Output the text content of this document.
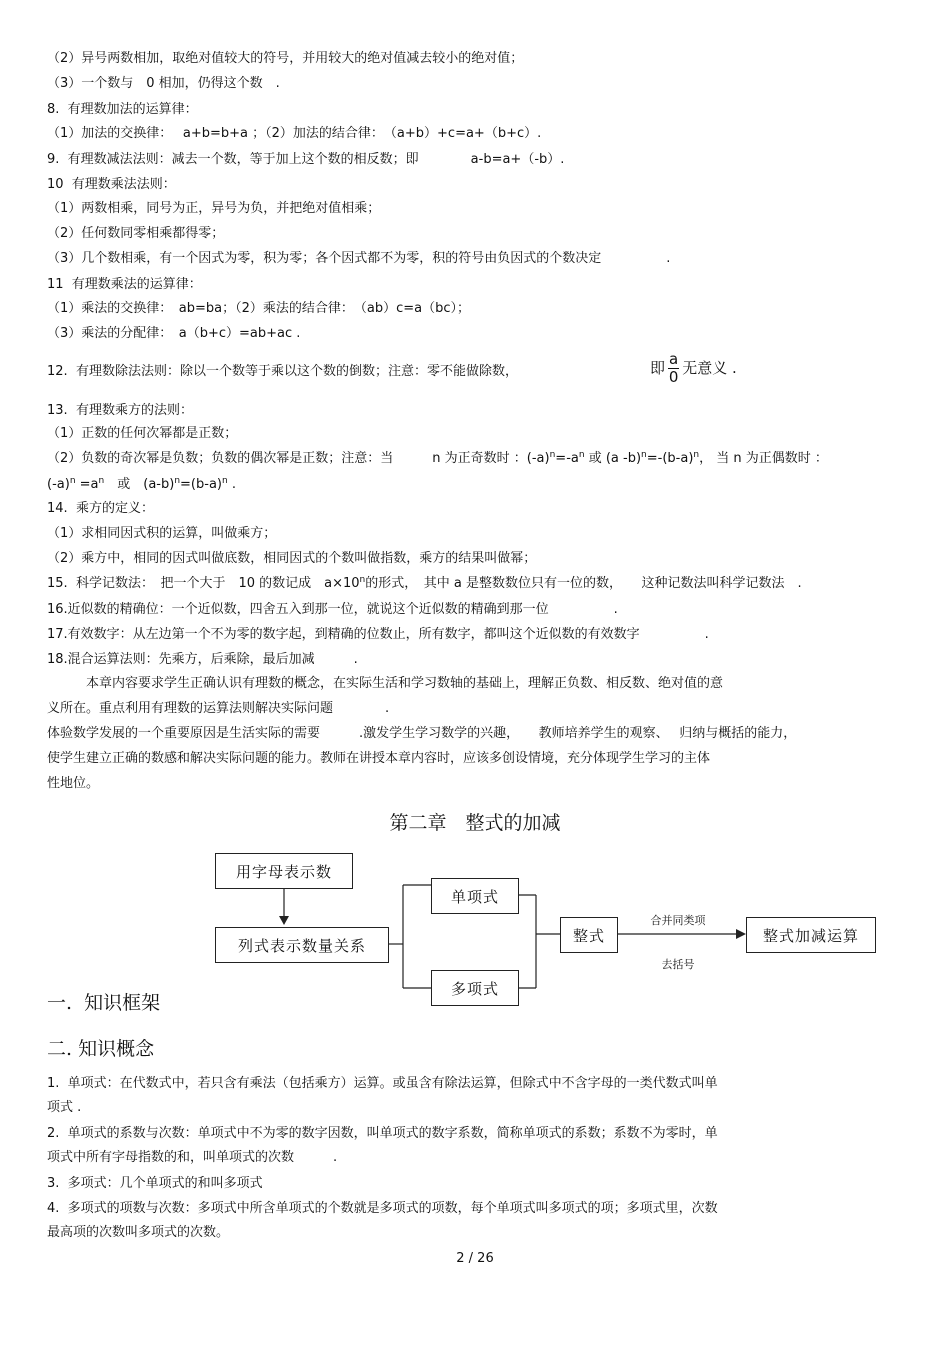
（2）异号两数相加，取绝对值较大的符号，并用较大的绝对值减去较小的绝对值；
（3）一个数与　0 相加，仍得这个数　.
8.  有理数加法的运算律：
（1）加法的交换律：　 a+b=b+a ；（2）加法的结合律：　（a+b）+c=a+（b+c）.
9.  有理数减法法则：减去一个数，等于加上这个数的相反数；即　　　　a-b=a+（-b）.
10  有理数乘法法则：
（1）两数相乘，同号为正，异号为负，并把绝对值相乘；
（2）任何数同零相乘都得零；
（3）几个数相乘，有一个因式为零，积为零；各个因式都不为零，积的符号由负因式的个数决定　　　　　.
11  有理数乘法的运算律：
（1）乘法的交换律：　ab=ba；（2）乘法的结合律：　（ab）c=a（bc）；
（3）乘法的分配律：　a（b+c）=ab+ac .
12.  有理数除法法则：除以一个数等于乘以这个数的倒数；注意：零不能做除数，	即 $\frac{a}{0}$ 无意义 .
13.  有理数乘方的法则：
（1）正数的任何次幂都是正数；
（2）负数的奇次幂是负数；负数的偶次幂是正数；注意：当　　　n 为正奇数时 ：$(-a)^n=-a^n$ 或 (a $-b)^n=-(b-a)^n$， 当 n 为正偶数时 ：
$(-a)^n =a^n$　或　$(a-b)^n=(b-a)^n$ .
14.  乘方的定义：
（1）求相同因式积的运算，叫做乘方；
（2）乘方中，相同的因式叫做底数，相同因式的个数叫做指数，乘方的结果叫做幂；
15.  科学记数法：　把一个大于　10 的数记成　$a\times 10^n$的形式，　其中 a 是整数数位只有一位的数，　　这种记数法叫科学记数法　.
16.近似数的精确位：一个近似数，四舍五入到那一位，就说这个近似数的精确到那一位　　　　　.
17.有效数字：从左边第一个不为零的数字起，到精确的位数止，所有数字，都叫这个近似数的有效数字　　　　　.
18.混合运算法则：先乘方，后乘除，最后加减　　　.
　　　本章内容要求学生正确认识有理数的概念，在实际生活和学习数轴的基础上，理解正负数、相反数、绝对值的意
义所在。重点利用有理数的运算法则解决实际问题　　　　.
体验数学发展的一个重要原因是生活实际的需要　　　.激发学生学习数学的兴趣，　　教师培养学生的观察、　 归纳与概括的能力，
使学生建立正确的数感和解决实际问题的能力。教师在讲授本章内容时，应该多创设情境，充分体现学生学习的主体
性地位。
第二章　整式的加减
用字母表示数
列式表示数量关系
单项式
多项式
整式	整式加减运算
合并同类项
去括号
一.  知识框架
二. 知识概念
1.  单项式：在代数式中，若只含有乘法（包括乘方）运算。或虽含有除法运算，但除式中不含字母的一类代数式叫单
项式 .
2.  单项式的系数与次数：单项式中不为零的数字因数，叫单项式的数字系数，简称单项式的系数；系数不为零时，单
项式中所有字母指数的和，叫单项式的次数　　　.
3.  多项式：几个单项式的和叫多项式
4.  多项式的项数与次数：多项式中所含单项式的个数就是多项式的项数，每个单项式叫多项式的项；多项式里，次数
最高项的次数叫多项式的次数。
2 / 26
